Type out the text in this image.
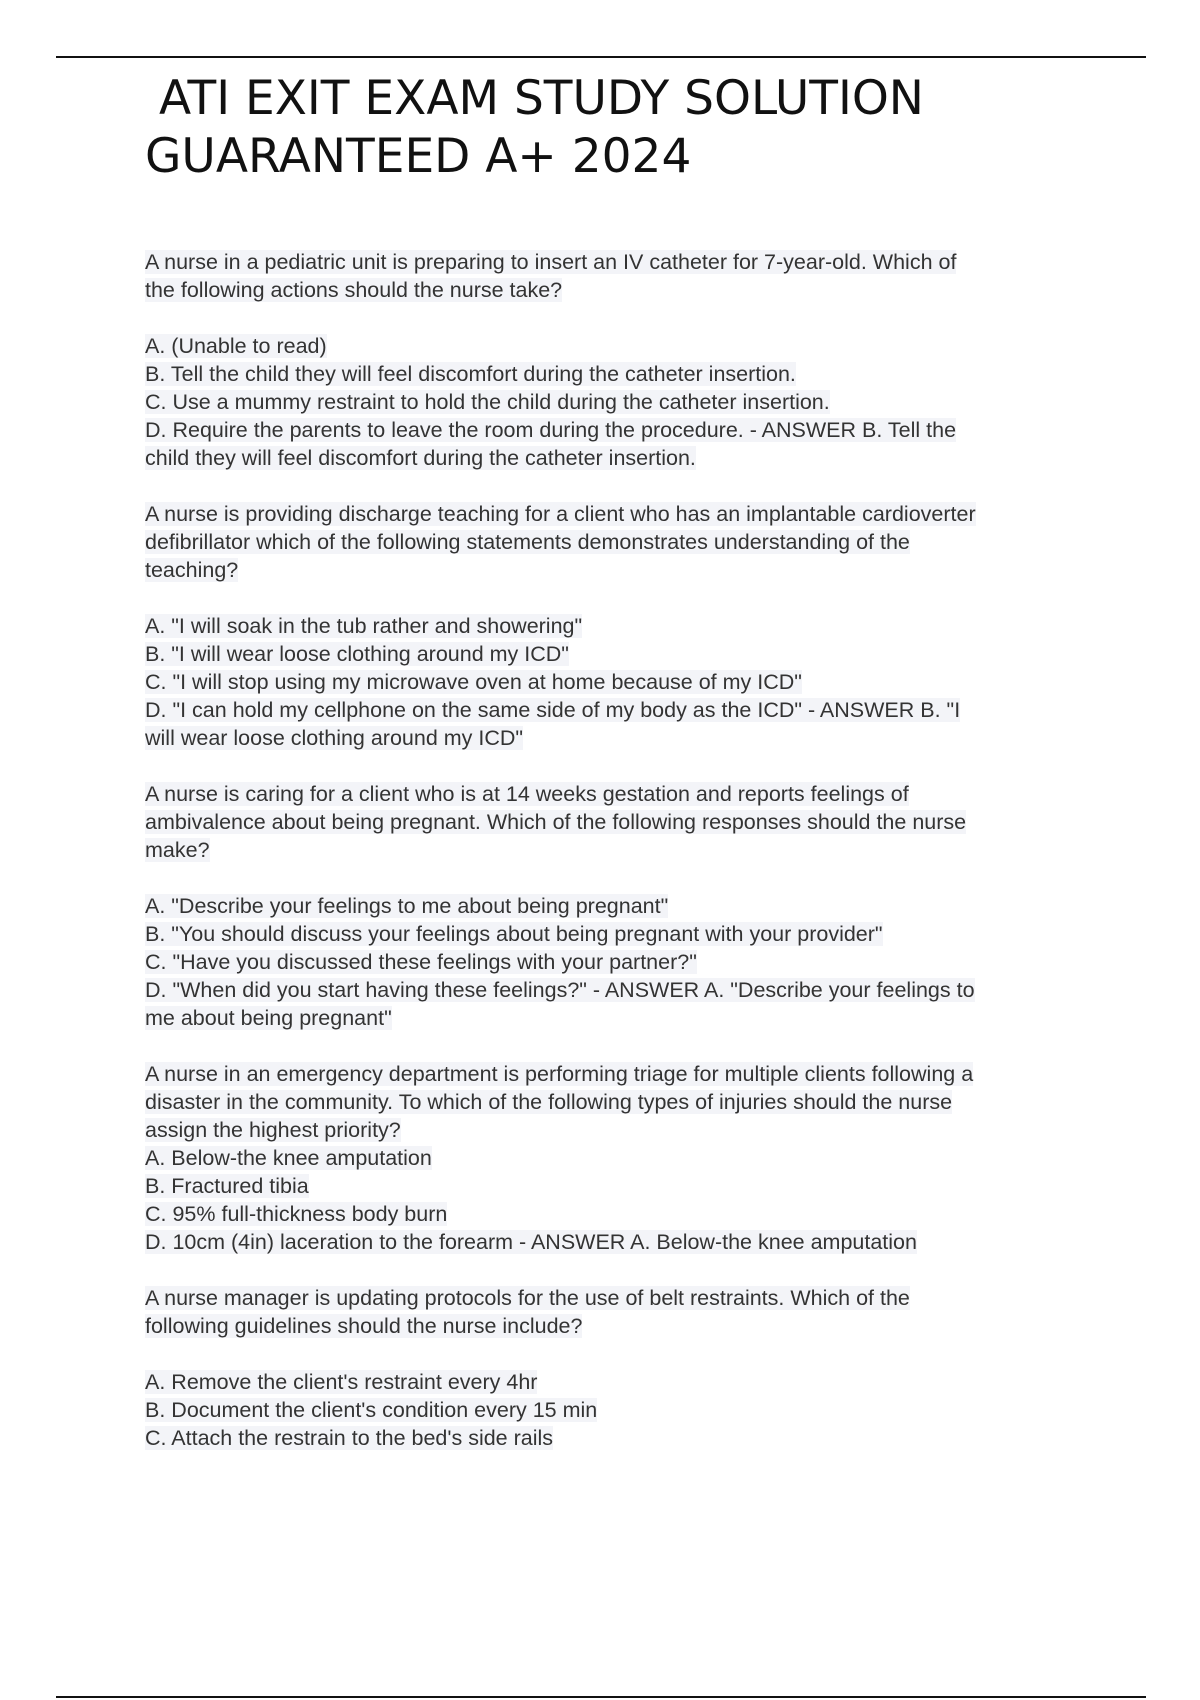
ATI EXIT EXAM STUDY SOLUTION
GUARANTEED A+ 2024
A nurse in a pediatric unit is preparing to insert an IV catheter for 7-year-old. Which of
the following actions should the nurse take?
A. (Unable to read)
B. Tell the child they will feel discomfort during the catheter insertion.
C. Use a mummy restraint to hold the child during the catheter insertion.
D. Require the parents to leave the room during the procedure. - ANSWER B. Tell the
child they will feel discomfort during the catheter insertion.
A nurse is providing discharge teaching for a client who has an implantable cardioverter
defibrillator which of the following statements demonstrates understanding of the
teaching?
A. "I will soak in the tub rather and showering"
B. "I will wear loose clothing around my ICD"
C. "I will stop using my microwave oven at home because of my ICD"
D. "I can hold my cellphone on the same side of my body as the ICD" - ANSWER B. "I
will wear loose clothing around my ICD"
A nurse is caring for a client who is at 14 weeks gestation and reports feelings of
ambivalence about being pregnant. Which of the following responses should the nurse
make?
A. "Describe your feelings to me about being pregnant"
B. "You should discuss your feelings about being pregnant with your provider"
C. "Have you discussed these feelings with your partner?"
D. "When did you start having these feelings?" - ANSWER A. "Describe your feelings to
me about being pregnant"
A nurse in an emergency department is performing triage for multiple clients following a
disaster in the community. To which of the following types of injuries should the nurse
assign the highest priority?
A. Below-the knee amputation
B. Fractured tibia
C. 95% full-thickness body burn
D. 10cm (4in) laceration to the forearm - ANSWER A. Below-the knee amputation
A nurse manager is updating protocols for the use of belt restraints. Which of the
following guidelines should the nurse include?
A. Remove the client's restraint every 4hr
B. Document the client's condition every 15 min
C. Attach the restrain to the bed's side rails
